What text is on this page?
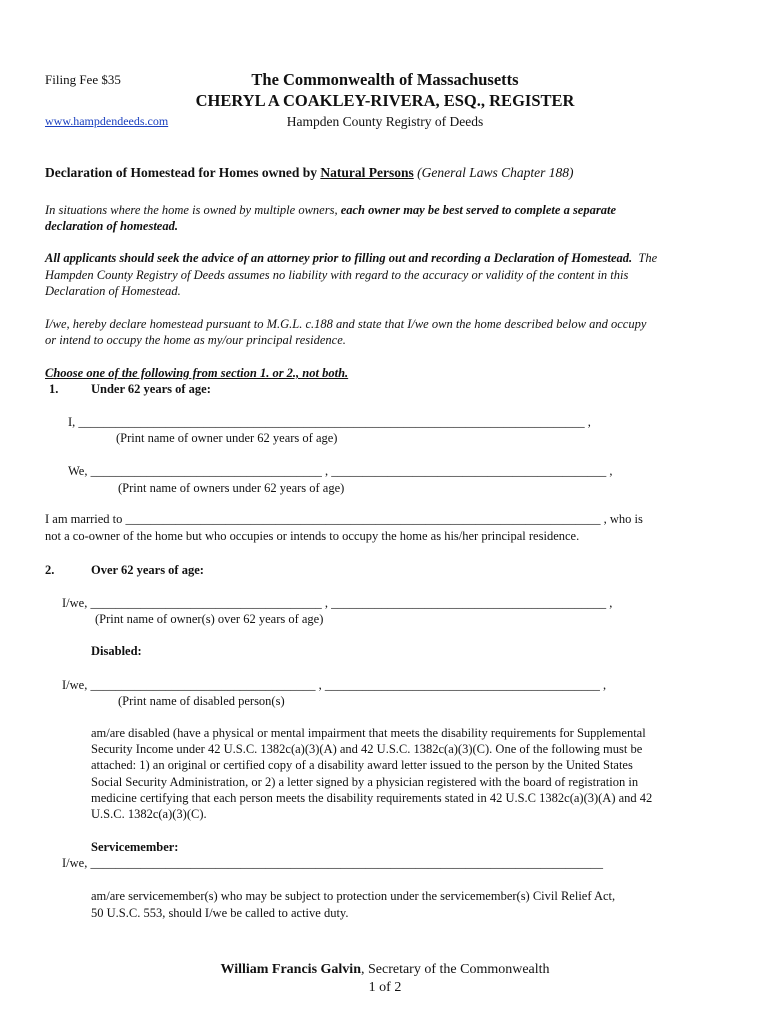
Filing Fee $35
www.hampdendeeds.com
The Commonwealth of Massachusetts
CHERYL A COAKLEY-RIVERA, ESQ., REGISTER
Hampden County Registry of Deeds
Declaration of Homestead for Homes owned by Natural Persons (General Laws Chapter 188)
In situations where the home is owned by multiple owners, each owner may be best served to complete a separate
declaration of homestead.
All applicants should seek the advice of an attorney prior to filling out and recording a Declaration of Homestead. The
Hampden County Registry of Deeds assumes no liability with regard to the accuracy or validity of the content in this
Declaration of Homestead.
I/we, hereby declare homestead pursuant to M.G.L. c.188 and state that I/we own the home described below and occupy
or intend to occupy the home as my/our principal residence.
Choose one of the following from section 1. or 2., not both.
1.	Under 62 years of age:
I, _________________________________________________________________________________ ,
(Print name of owner under 62 years of age)
We, _____________________________________ , ____________________________________________ ,
(Print name of owners under 62 years of age)
I am married to ____________________________________________________________________________ , who is
not a co-owner of the home but who occupies or intends to occupy the home as his/her principal residence.
2.	Over 62 years of age:
I/we, _____________________________________ , ____________________________________________ ,
(Print name of owner(s) over 62 years of age)
Disabled:
I/we, ____________________________________ , ____________________________________________ ,
(Print name of disabled person(s)
am/are disabled (have a physical or mental impairment that meets the disability requirements for Supplemental
Security Income under 42 U.S.C. 1382c(a)(3)(A) and 42 U.S.C. 1382c(a)(3)(C). One of the following must be
attached: 1) an original or certified copy of a disability award letter issued to the person by the United States
Social Security Administration, or 2) a letter signed by a physician registered with the board of registration in
medicine certifying that each person meets the disability requirements stated in 42 U.S.C 1382c(a)(3)(A) and 42
U.S.C. 1382c(a)(3)(C).
Servicemember:
I/we, __________________________________________________________________________________
am/are servicemember(s) who may be subject to protection under the servicemember(s) Civil Relief Act,
50 U.S.C. 553, should I/we be called to active duty.
William Francis Galvin, Secretary of the Commonwealth
1 of 2
